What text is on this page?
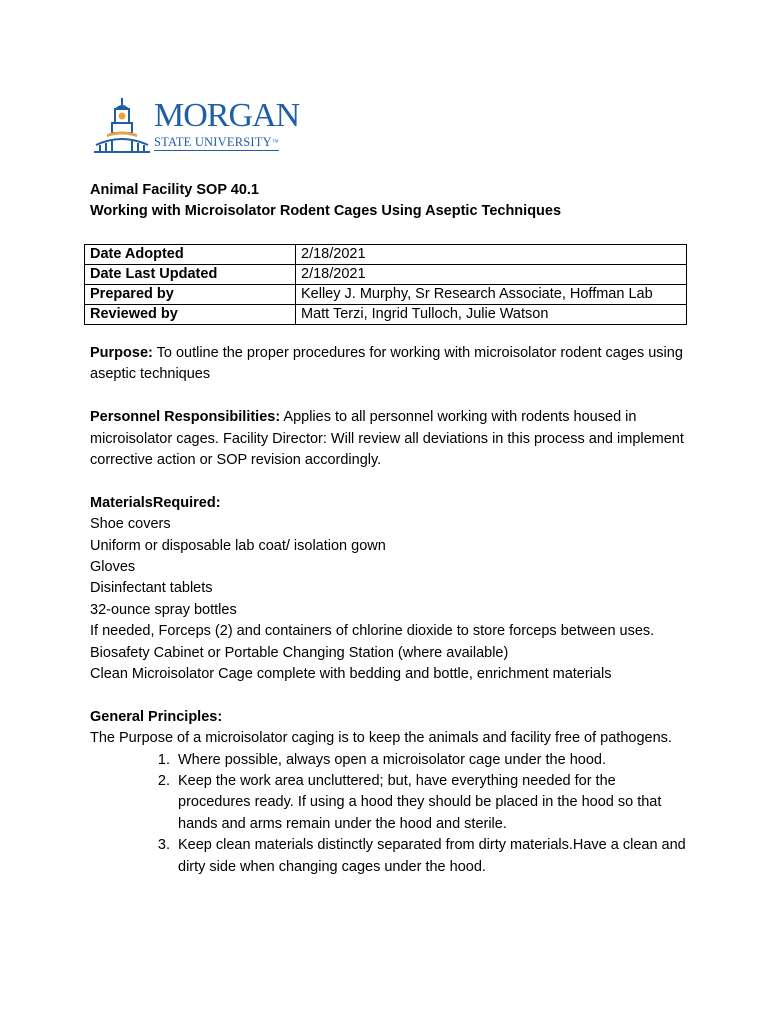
MORGAN
STATE UNIVERSITY™

Animal Facility SOP 40.1

Working with Microisolator Rodent Cages Using Aseptic Techniques

Date Adopted	2/18/2021
Date Last Updated	2/18/2021
Prepared by	Kelley J. Murphy, Sr Research Associate, Hoffman Lab
Reviewed by	Matt Terzi, Ingrid Tulloch, Julie Watson

Purpose: To outline the proper procedures for working with microisolator rodent cages using aseptic techniques

Personnel Responsibilities: Applies to all personnel working with rodents housed in microisolator cages. Facility Director: Will review all deviations in this process and implement corrective action or SOP revision accordingly.

MaterialsRequired:

Shoe covers

Uniform or disposable lab coat/ isolation gown

Gloves

Disinfectant tablets

32-ounce spray bottles

If needed, Forceps (2) and containers of chlorine dioxide to store forceps between uses.

Biosafety Cabinet or Portable Changing Station (where available)

Clean Microisolator Cage complete with bedding and bottle, enrichment materials

General Principles:

The Purpose of a microisolator caging is to keep the animals and facility free of pathogens.

1. Where possible, always open a microisolator cage under the hood.
2. Keep the work area uncluttered; but, have everything needed for the procedures ready. If using a hood they should be placed in the hood so that hands and arms remain under the hood and sterile.
3. Keep clean materials distinctly separated from dirty materials.Have a clean and dirty side when changing cages under the hood.
